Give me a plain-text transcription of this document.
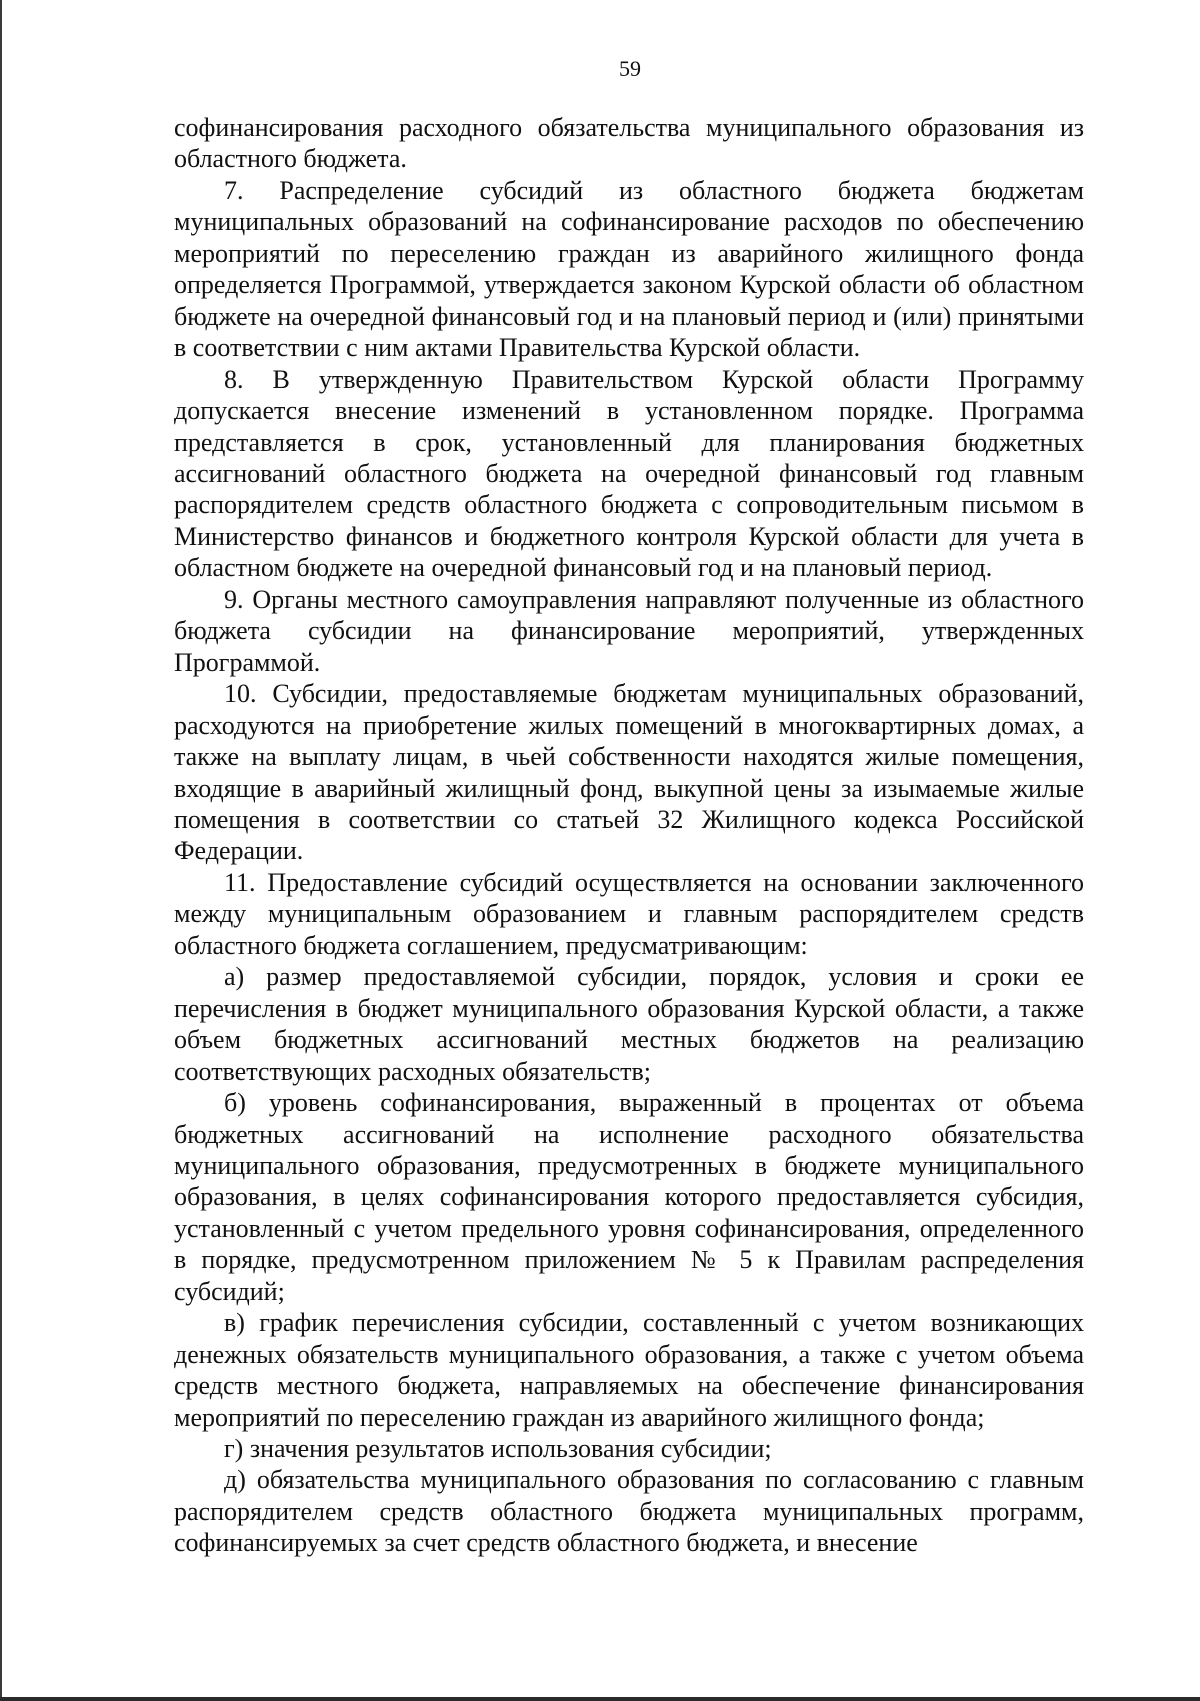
59

софинансирования расходного обязательства муниципального образования из областного бюджета.

7. Распределение субсидий из областного бюджета бюджетам муниципальных образований на софинансирование расходов по обеспечению мероприятий по переселению граждан из аварийного жилищного фонда определяется Программой, утверждается законом Курской области об областном бюджете на очередной финансовый год и на плановый период и (или) принятыми в соответствии с ним актами Правительства Курской области.

8. В утвержденную Правительством Курской области Программу допускается внесение изменений в установленном порядке. Программа представляется в срок, установленный для планирования бюджетных ассигнований областного бюджета на очередной финансовый год главным распорядителем средств областного бюджета с сопроводительным письмом в Министерство финансов и бюджетного контроля Курской области для учета в областном бюджете на очередной финансовый год и на плановый период.

9. Органы местного самоуправления направляют полученные из областного бюджета субсидии на финансирование мероприятий, утвержденных Программой.

10. Субсидии, предоставляемые бюджетам муниципальных образований, расходуются на приобретение жилых помещений в многоквартирных домах, а также на выплату лицам, в чьей собственности находятся жилые помещения, входящие в аварийный жилищный фонд, выкупной цены за изымаемые жилые помещения в соответствии со статьей 32 Жилищного кодекса Российской Федерации.

11. Предоставление субсидий осуществляется на основании заключенного между муниципальным образованием и главным распорядителем средств областного бюджета соглашением, предусматривающим:

а) размер предоставляемой субсидии, порядок, условия и сроки ее перечисления в бюджет муниципального образования Курской области, а также объем бюджетных ассигнований местных бюджетов на реализацию соответствующих расходных обязательств;

б) уровень софинансирования, выраженный в процентах от объема бюджетных ассигнований на исполнение расходного обязательства муниципального образования, предусмотренных в бюджете муниципального образования, в целях софинансирования которого предоставляется субсидия, установленный с учетом предельного уровня софинансирования, определенного в порядке, предусмотренном приложением № 5 к Правилам распределения субсидий;

в) график перечисления субсидии, составленный с учетом возникающих денежных обязательств муниципального образования, а также с учетом объема средств местного бюджета, направляемых на обеспечение финансирования мероприятий по переселению граждан из аварийного жилищного фонда;

г) значения результатов использования субсидии;

д) обязательства муниципального образования по согласованию с главным распорядителем средств областного бюджета муниципальных программ, софинансируемых за счет средств областного бюджета, и внесение
